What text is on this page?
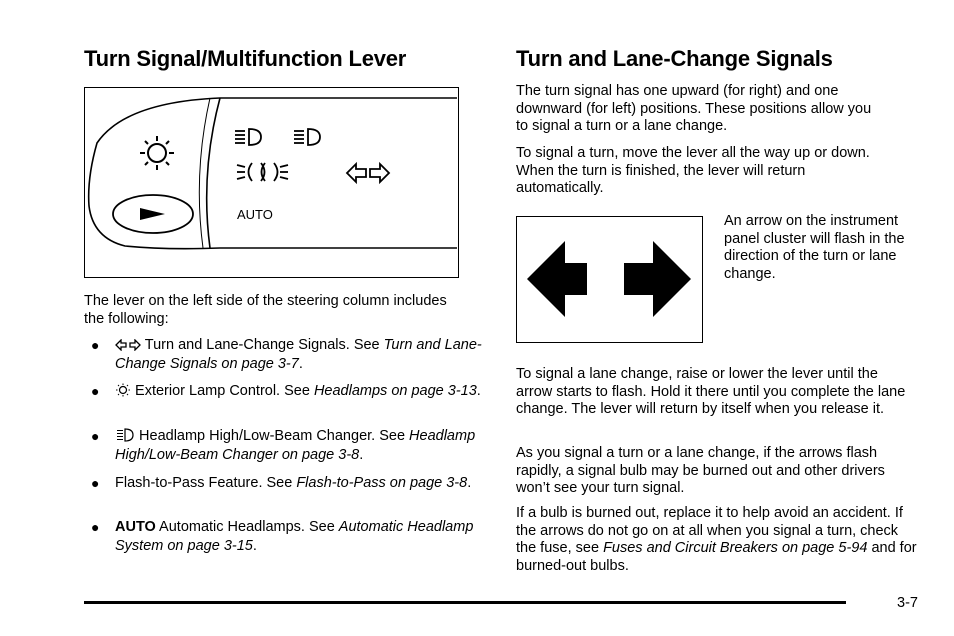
Turn Signal/Multifunction Lever
AUTO

The lever on the left side of the steering column includes the following:

●	Turn and Lane-Change Signals. See Turn and Lane-Change Signals on page 3-7.
●	Exterior Lamp Control. See Headlamps on page 3-13.
●	Headlamp High/Low-Beam Changer. See Headlamp High/Low-Beam Changer on page 3-8.
● Flash-to-Pass Feature. See Flash-to-Pass on page 3-8.
● AUTO Automatic Headlamps. See Automatic Headlamp System on page 3-15.
Turn and Lane-Change Signals

The turn signal has one upward (for right) and one downward (for left) positions. These positions allow you to signal a turn or a lane change.

To signal a turn, move the lever all the way up or down. When the turn is finished, the lever will return automatically.

An arrow on the instrument panel cluster will flash in the direction of the turn or lane change.

To signal a lane change, raise or lower the lever until the arrow starts to flash. Hold it there until you complete the lane change. The lever will return by itself when you release it.

As you signal a turn or a lane change, if the arrows flash rapidly, a signal bulb may be burned out and other drivers won’t see your turn signal.

If a bulb is burned out, replace it to help avoid an accident. If the arrows do not go on at all when you signal a turn, check the fuse, see Fuses and Circuit Breakers on page 5-94 and for burned-out bulbs.

3-7
